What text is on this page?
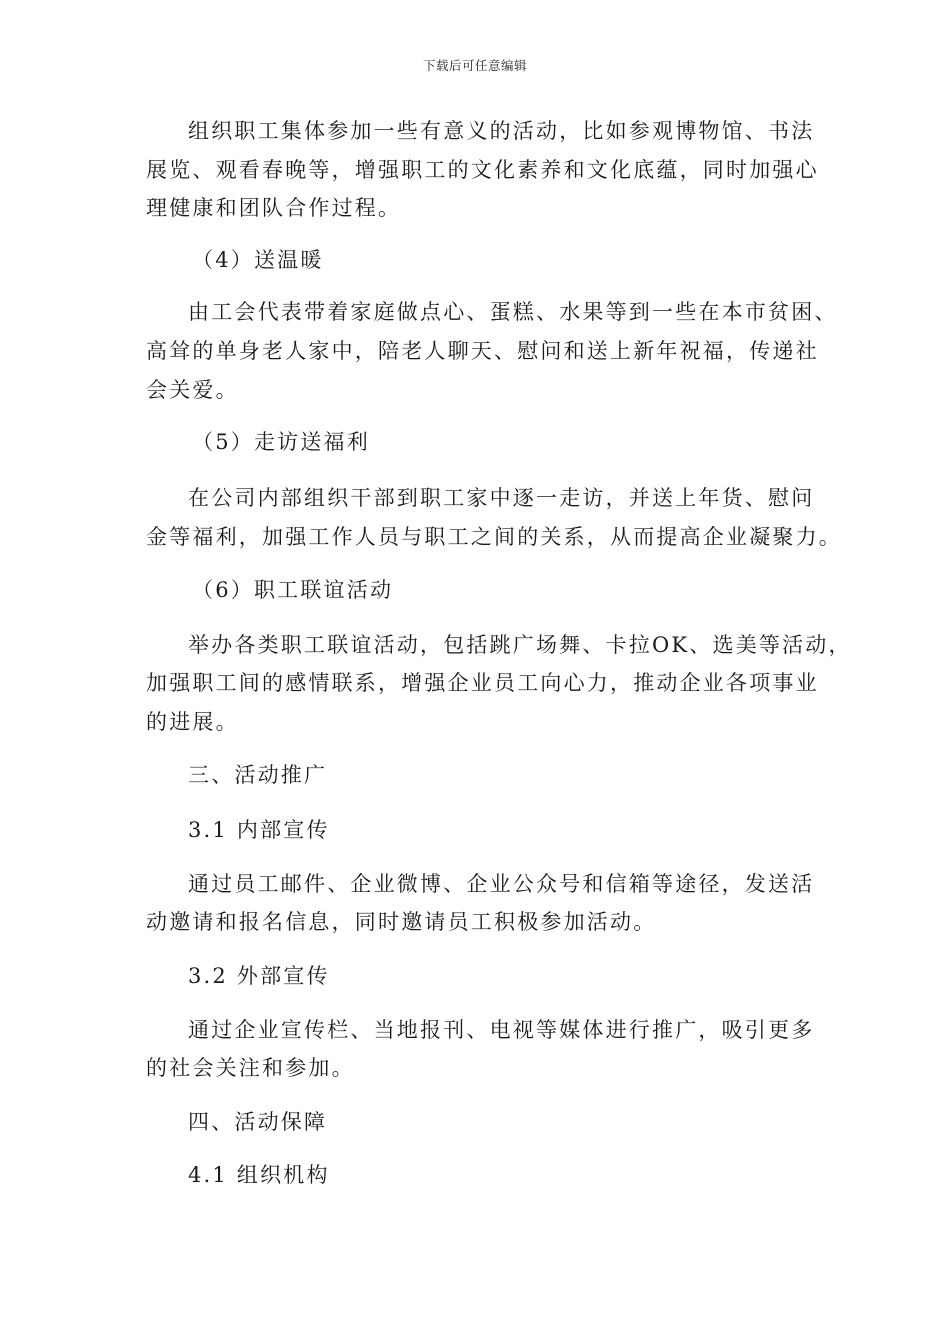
下载后可任意编辑
组织职工集体参加一些有意义的活动，比如参观博物馆、书法
展览、观看春晚等，增强职工的文化素养和文化底蕴，同时加强心
理健康和团队合作过程。
（4）送温暖
由工会代表带着家庭做点心、蛋糕、水果等到一些在本市贫困、
高耸的单身老人家中，陪老人聊天、慰问和送上新年祝福，传递社
会关爱。
（5）走访送福利
在公司内部组织干部到职工家中逐一走访，并送上年货、慰问
金等福利，加强工作人员与职工之间的关系，从而提高企业凝聚力。
（6）职工联谊活动
举办各类职工联谊活动，包括跳广场舞、卡拉OK、选美等活动，
加强职工间的感情联系，增强企业员工向心力，推动企业各项事业
的进展。
三、活动推广
3.1 内部宣传
通过员工邮件、企业微博、企业公众号和信箱等途径，发送活
动邀请和报名信息，同时邀请员工积极参加活动。
3.2 外部宣传
通过企业宣传栏、当地报刊、电视等媒体进行推广，吸引更多
的社会关注和参加。
四、活动保障
4.1 组织机构
